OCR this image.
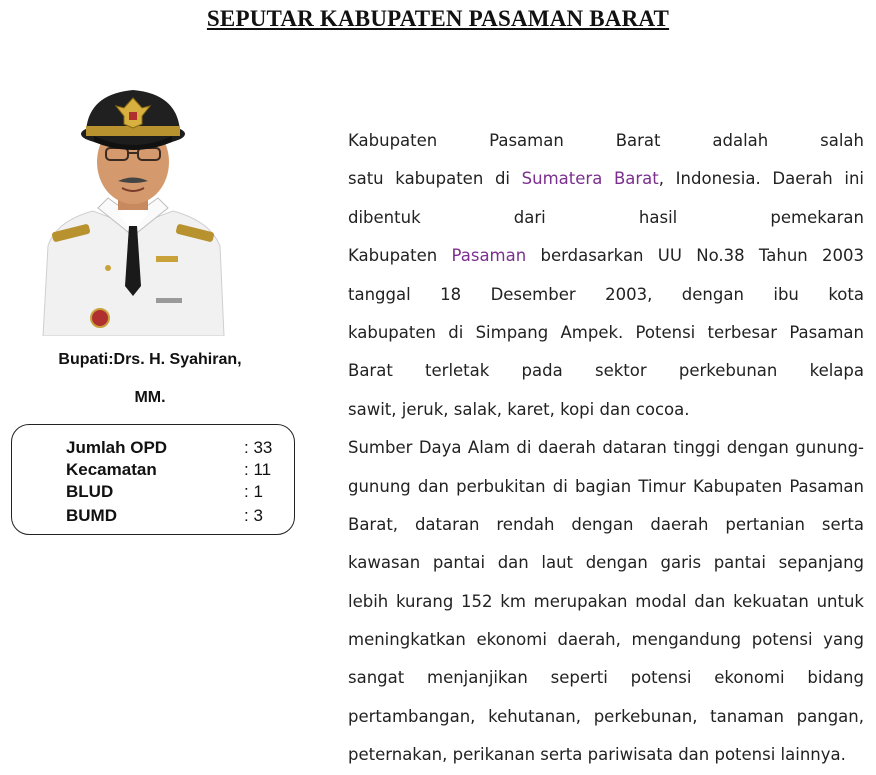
SEPUTAR KABUPATEN PASAMAN BARAT
Bupati:Drs. H. Syahiran,
MM.
Jumlah OPD	: 33
Kecamatan	: 11
BLUD	: 1
BUMD	: 3

Kabupaten Pasaman Barat adalah salah
satu kabupaten di Sumatera Barat, Indonesia. Daerah ini
dibentuk dari hasil pemekaran
Kabupaten Pasaman berdasarkan UU No.38 Tahun 2003
tanggal 18 Desember 2003, dengan ibu kota
kabupaten di Simpang Ampek. Potensi terbesar Pasaman
Barat terletak pada sektor perkebunan kelapa
sawit, jeruk, salak, karet, kopi dan cocoa.

Sumber Daya Alam di daerah dataran tinggi dengan gunung-
gunung dan perbukitan di bagian Timur Kabupaten Pasaman
Barat, dataran rendah dengan daerah pertanian serta
kawasan pantai dan laut dengan garis pantai sepanjang
lebih kurang 152 km merupakan modal dan kekuatan untuk
meningkatkan ekonomi daerah, mengandung potensi yang
sangat menjanjikan seperti potensi ekonomi bidang
pertambangan, kehutanan, perkebunan, tanaman pangan,
peternakan, perikanan serta pariwisata dan potensi lainnya.
